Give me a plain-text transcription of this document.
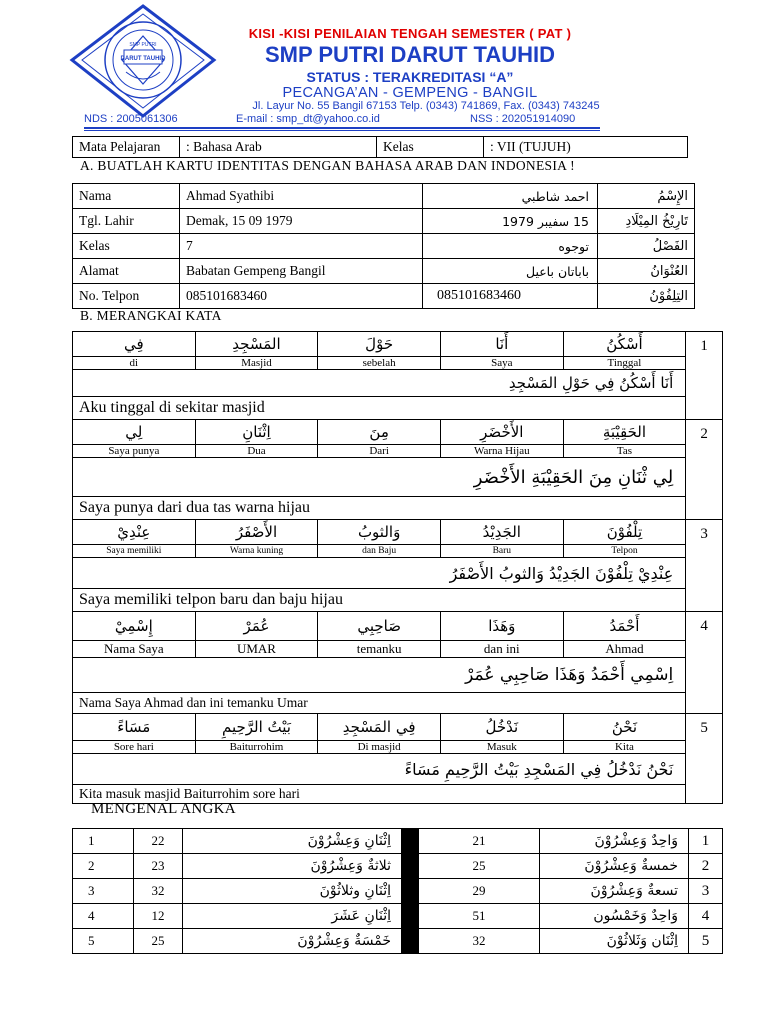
SMP PUTRI
DARUT TAUHID
KISI -KISI PENILAIAN TENGAH SEMESTER ( PAT )
SMP PUTRI DARUT TAUHID
STATUS : TERAKREDITASI “A”
PECANGA’AN - GEMPENG - BANGIL
Jl. Layur No. 55 Bangil 67153 Telp. (0343) 741869, Fax. (0343) 743245
NDS : 2005061306	E-mail : smp_dt@yahoo.co.id	NSS : 202051914090
Mata Pelajaran	: Bahasa Arab	Kelas	: VII (TUJUH)
A. BUATLAH KARTU IDENTITAS DENGAN BAHASA ARAB DAN INDONESIA !
Nama	Ahmad Syathibi	احمد شاطبي	الإِسْمُ
Tgl. Lahir	Demak, 15 09 1979	15 سفيبر 1979	تَارِيْخُ المِيْلَادِ
Kelas	7	توجوه	الفَصْلُ
Alamat	Babatan Gempeng Bangil	باباتان باعيل	العُنْوَانُ
No. Telpon	085101683460	085101683460	التِلِفُوْنُ
B. MERANGKAI KATA
فِي	المَسْجِدِ	حَوْلَ	أَنَا	أَسْكُنُ	1
di	Masjid	sebelah	Saya	Tinggal	
أَنَا أَسْكُنُ فِي حَوْلِ المَسْجِدِ					
Aku tinggal di sekitar masjid					
لِي	اِثْنَانِ	مِنَ	الأَخْضَرِ	الحَقِيْبَةِ	2
Saya punya	Dua	Dari	Warna Hijau	Tas	
لِي ثْنَانِ مِنَ الحَقِيْبَةِ الأَخْضَرِ					
Saya punya dari dua tas warna hijau					
عِنْدِيْ	الأَصْفَرُ	وَالثوبُ	الجَدِيْدُ	تِلْفُوْنَ	3
Saya memiliki	Warna kuning	dan Baju	Baru	Telpon	
عِنْدِيْ تِلْفُوْنَ الجَدِيْدُ وَالثوبُ الأَصْفَرُ					
Saya memiliki telpon baru dan baju hijau					
إِسْمِيْ	عُمَرْ	صَاحِبِي	وَهَذَا	أَحْمَدُ	4
Nama Saya	UMAR	temanku	dan ini	Ahmad	
اِسْمِي أَحْمَدُ وَهَذَا صَاحِبِي عُمَرْ					
Nama Saya Ahmad dan ini temanku Umar					
مَسَاءً	بَيْتُ الرَّحِيمِ	فِي المَسْجِدِ	نَدْخُلُ	نَحْنُ	5
Sore hari	Baiturrohim	Di masjid	Masuk	Kita	
نَحْنُ نَدْخُلُ فِي المَسْجِدِ بَيْتُ الرَّحِيمِ مَسَاءً					
Kita masuk masjid Baiturrohim sore hari					
MENGENAL ANGKA
1	22	اِثْنَانِ وَعِشْرُوْنَ		21	وَاحِدٌ وَعِشْرُوْنَ	1
2	23	ثلاثةٌ وَعِشْرُوْنَ		25	خمسةٌ وَعِشْرُوْنَ	2
3	32	اِثْنَانِ وثلاثُوْنَ		29	تسعةٌ وَعِشْرُوْنَ	3
4	12	اِثْنَانِ عَشَرَ		51	وَاحِدٌ وَخَمْسُون	4
5	25	خَمْسَةٌ وَعِشْرُوْنَ		32	اِثْنَان وَثَلاثُوْنَ	5
